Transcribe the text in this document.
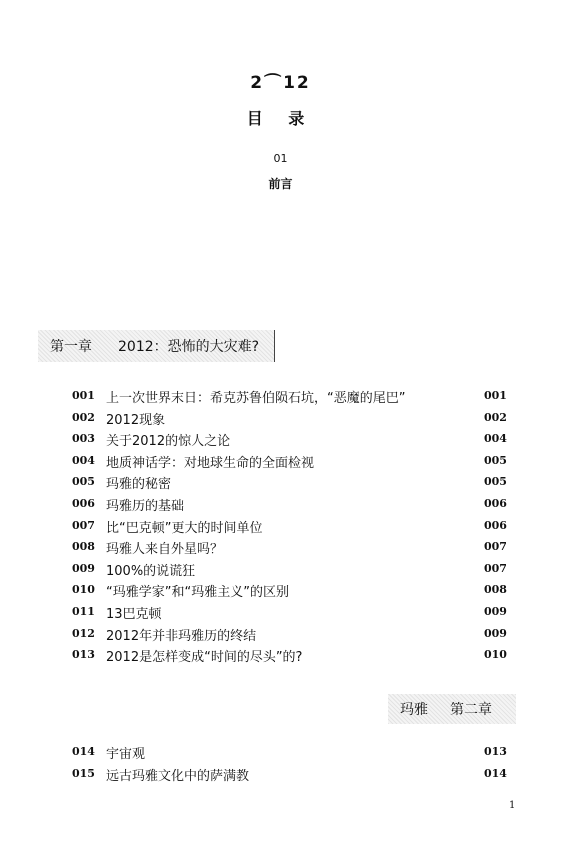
2⌒12
目 录
01
前言
第一章 2012：恐怖的大灾难?
玛雅 第二章
001 上一次世界末日：希克苏鲁伯陨石坑，“恶魔的尾巴”	001
002 2012现象	002
003 关于2012的惊人之论	004
004 地质神话学：对地球生命的全面检视	005
005 玛雅的秘密	005
006 玛雅历的基础	006
007 比“巴克顿”更大的时间单位	006
008 玛雅人来自外星吗？	007
009 100%的说谎狂	007
010 “玛雅学家”和“玛雅主义”的区别	008
011 13巴克顿	009
012 2012年并非玛雅历的终结	009
013 2012是怎样变成“时间的尽头”的?	010
014 宇宙观	013
015 远古玛雅文化中的萨满教	014
1
